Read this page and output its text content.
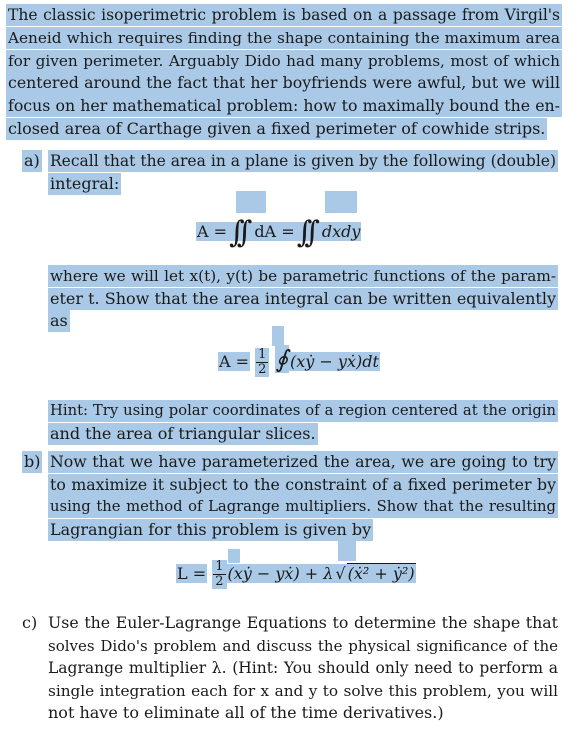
The classic isoperimetric problem is based on a passage from Virgil's
Aeneid which requires finding the shape containing the maximum area
for given perimeter. Arguably Dido had many problems, most of which
centered around the fact that her boyfriends were awful, but we will
focus on her mathematical problem: how to maximally bound the en-
closed area of Carthage given a fixed perimeter of cowhide strips.
a) Recall that the area in a plane is given by the following (double)
integral:
A =∫∫ dA =∫∫ dxdy
where we will let x(t), y(t) be parametric functions of the param-
eter t. Show that the area integral can be written equivalently
as
$A = \frac{1}{2}$ ∮ (xẏ − yẋ)dt
Hint: Try using polar coordinates of a region centered at the origin
and the area of triangular slices.
b) Now that we have parameterized the area, we are going to try
to maximize it subject to the constraint of a fixed perimeter by
using the method of Lagrange multipliers. Show that the resulting
Lagrangian for this problem is given by
$L = \frac{1}{2}$ (xẏ − yẋ) + λ √ (ẋ² + ẏ²)
c) Use the Euler-Lagrange Equations to determine the shape that
solves Dido's problem and discuss the physical significance of the
Lagrange multiplier λ. (Hint: You should only need to perform a
single integration each for x and y to solve this problem, you will
not have to eliminate all of the time derivatives.)
